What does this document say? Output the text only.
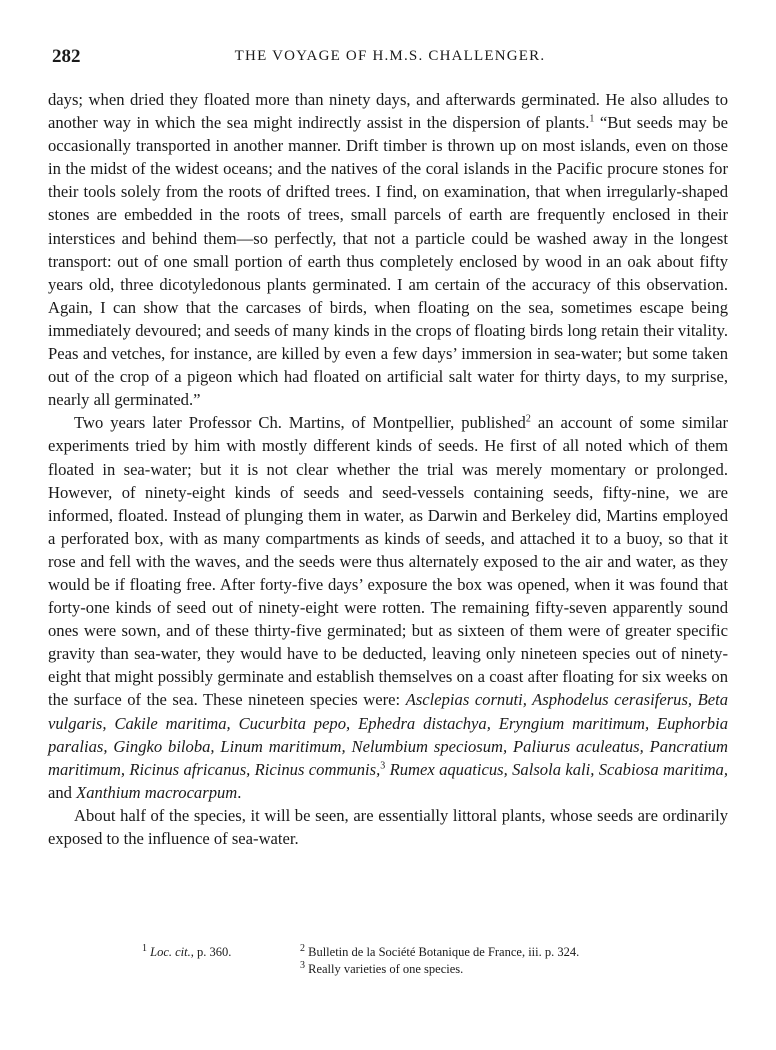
282	THE VOYAGE OF H.M.S. CHALLENGER.

days; when dried they floated more than ninety days, and afterwards germinated. He also alludes to another way in which the sea might indirectly assist in the dispersion of plants.$^1$ “But seeds may be occasionally transported in another manner. Drift timber is thrown up on most islands, even on those in the midst of the widest oceans; and the natives of the coral islands in the Pacific procure stones for their tools solely from the roots of drifted trees. I find, on examination, that when irregularly-shaped stones are embedded in the roots of trees, small parcels of earth are frequently enclosed in their interstices and behind them—so perfectly, that not a particle could be washed away in the longest transport: out of one small portion of earth thus completely enclosed by wood in an oak about fifty years old, three dicotyledonous plants germinated. I am certain of the accuracy of this observation. Again, I can show that the carcases of birds, when floating on the sea, sometimes escape being immediately devoured; and seeds of many kinds in the crops of floating birds long retain their vitality. Peas and vetches, for instance, are killed by even a few days’ immersion in sea-water; but some taken out of the crop of a pigeon which had floated on artificial salt water for thirty days, to my surprise, nearly all germinated.”

Two years later Professor Ch. Martins, of Montpellier, published$^2$ an account of some similar experiments tried by him with mostly different kinds of seeds. He first of all noted which of them floated in sea-water; but it is not clear whether the trial was merely momentary or prolonged. However, of ninety-eight kinds of seeds and seed-vessels containing seeds, fifty-nine, we are informed, floated. Instead of plunging them in water, as Darwin and Berkeley did, Martins employed a perforated box, with as many compartments as kinds of seeds, and attached it to a buoy, so that it rose and fell with the waves, and the seeds were thus alternately exposed to the air and water, as they would be if floating free. After forty-five days’ exposure the box was opened, when it was found that forty-one kinds of seed out of ninety-eight were rotten. The remaining fifty-seven apparently sound ones were sown, and of these thirty-five germinated; but as sixteen of them were of greater specific gravity than sea-water, they would have to be deducted, leaving only nineteen species out of ninety-eight that might possibly germinate and establish themselves on a coast after floating for six weeks on the surface of the sea. These nineteen species were: Asclepias cornuti, Asphodelus cerasiferus, Beta vulgaris, Cakile maritima, Cucurbita pepo, Ephedra distachya, Eryngium maritimum, Euphorbia paralias, Gingko biloba, Linum maritimum, Nelumbium speciosum, Paliurus aculeatus, Pancratium maritimum, Ricinus africanus, Ricinus communis,$^3$ Rumex aquaticus, Salsola kali, Scabiosa maritima, and Xanthium macrocarpum.

About half of the species, it will be seen, are essentially littoral plants, whose seeds are ordinarily exposed to the influence of sea-water.

$^1$ Loc. cit., p. 360.	$^2$ Bulletin de la Société Botanique de France, iii. p. 324.
$^3$ Really varieties of one species.
